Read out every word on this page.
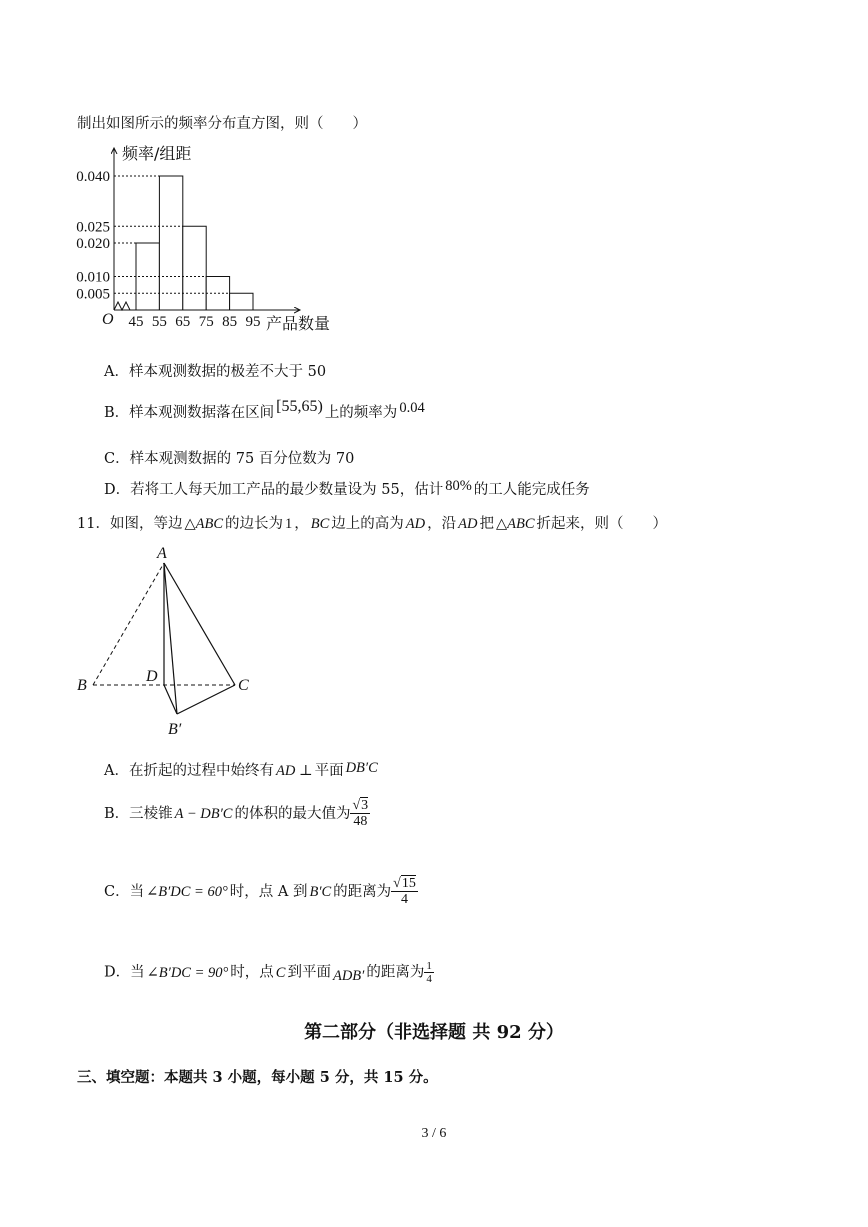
制出如图所示的频率分布直方图，则（　　）
0.040
0.025
0.020
0.010
0.005
45 55 65 75 85 95
频率/组距
产品数量
O
A．样本观测数据的极差不大于 50
B．样本观测数据落在区间 [55,65) 上的频率为 0.04
C．样本观测数据的 75 百分位数为 70
D．若将工人每天加工产品的最少数量设为 55，估计 80% 的工人能完成任务
11．如图，等边 △ABC 的边长为 1 ， BC 边上的高为 AD ，沿 AD 把 △ABC 折起来，则（　　）
A
B	C
D
B′
A．在折起的过程中始终有 AD ⊥ 平面 DB′C
B．三棱锥 A − DB′C 的体积的最大值为 $\frac{√3}{48}$
C．当 ∠B′DC = 60° 时，点 A 到 B′C 的距离为 $\frac{√15}{4}$
D．当 ∠B′DC = 90° 时，点 C 到平面 ADB′ 的距离为 $\frac{1}{4}$
第二部分（非选择题 共 92 分）
三、填空题：本题共 3 小题，每小题 5 分，共 15 分。
3 / 6
